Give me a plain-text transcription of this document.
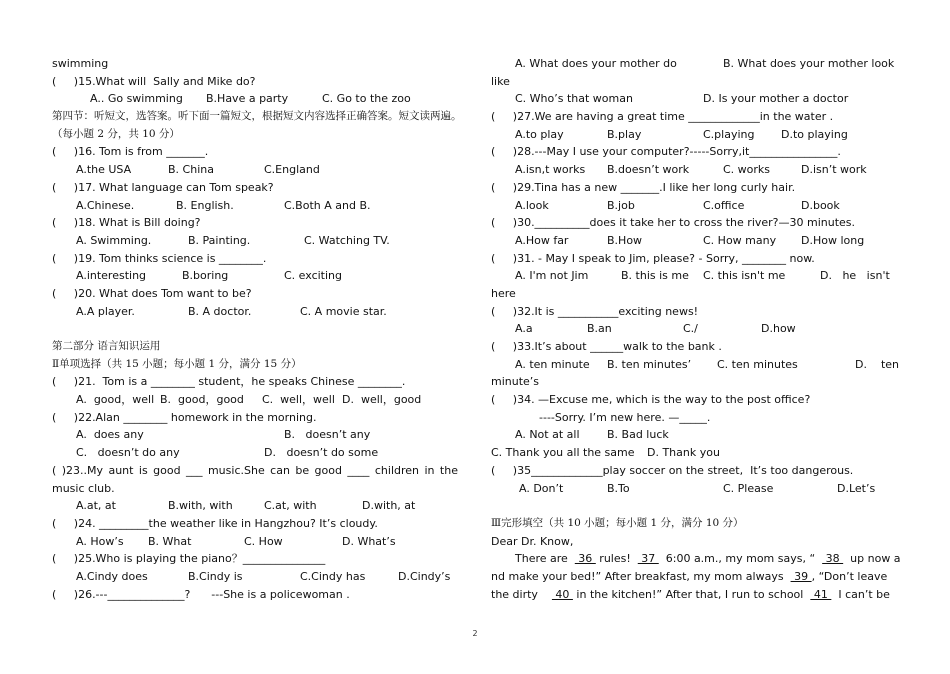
swimming
(     )15.What will  Sally and Mike do?

A.. Go swimming

B.Have a party

	C. Go to the zoo

第四节：听短文，选答案。听下面一篇短文，根据短文内容选择正确答案。短文读两遍。
（每小题 2 分，共 10 分）
(     )16. Tom is from _______.

A.the USA

	B. China

	C.England

(     )17. What language can Tom speak?

A.Chinese.

	B. English.

	C.Both A and B.

(     )18. What is Bill doing?

A. Swimming.

	B. Painting.

	C. Watching TV.

(     )19. Tom thinks science is ________.

A.interesting

	B.boring

	C. exciting

(     )20. What does Tom want to be?

A.A player.

	B. A doctor.

	C. A movie star.

第二部分 语言知识运用
Ⅱ单项选择（共 15 小题；每小题 1 分，满分 15 分）
(     )21.  Tom is a ________ student，he speaks Chinese ________.

A.  good，well

B.  good，good

C.  well，well

D.  well，good

(     )22.Alan ________ homework in the morning.

A.  does any

	B.   doesn’t any

C.   doesn’t do any

	D.   doesn’t do some

( )23..My aunt is good ___ music.She can be good ____ children in the
music club.

A.at, at

	B.with, with

	C.at, with

	D.with, at

(     )24. _________the weather like in Hangzhou? It’s cloudy.

A. How’s

B. What

	C. How

	D. What’s

(     )25.Who is playing the piano？_______________

A.Cindy does

	B.Cindy is

	C.Cindy has

	D.Cindy’s

(     )26.---______________?      ---She is a policewoman .

A. What does your mother do

	B. What does your mother look

like

C. Who’s that woman

	D. Is your mother a doctor

(     )27.We are having a great time _____________in the water .

A.to play

	B.play

	C.playing

D.to playing

(     )28.---May I use your computer?-----Sorry,it________________.

A.isn,t works

B.doesn’t work

	C. works

	D.isn’t work

(     )29.Tina has a new _______.I like her long curly hair.

A.look

	B.job

	C.office

	D.book

(     )30.__________does it take her to cross the river?—30 minutes.

A.How far

	B.How

	C. How many

D.How long

(     )31. - May I speak to Jim, please? - Sorry, ________ now.

A. I'm not Jim

	B. this is me

C. this isn't me

	D.   he   isn't

here
(     )32.It is ___________exciting news!

A.a

	B.an

	C./

	D.how

(     )33.It’s about ______walk to the bank .

A. ten minute

B. ten minutes’

C. ten minutes

	D.    ten

minute’s
(     )34. —Excuse me, which is the way to the post office?

----Sorry. I’m new here. —_____.

A. Not at all

	B. Bad luck

C. Thank you all the same

D. Thank you

(     )35_____________play soccer on the street,  It’s too dangerous.

A. Don’t

	B.To

	C. Please

	D.Let’s

Ⅲ完形填空（共 10 小题；每小题 1 分，满分 10 分）
Dear Dr. Know,
There are   36  rules!   37   6:00 a.m., my mom says, “   38   up now a
nd make your bed!” After breakfast, my mom always   39 , “Don’t leave
the dirty     40  in the kitchen!” After that, I run to school   41   I can’t be
2
